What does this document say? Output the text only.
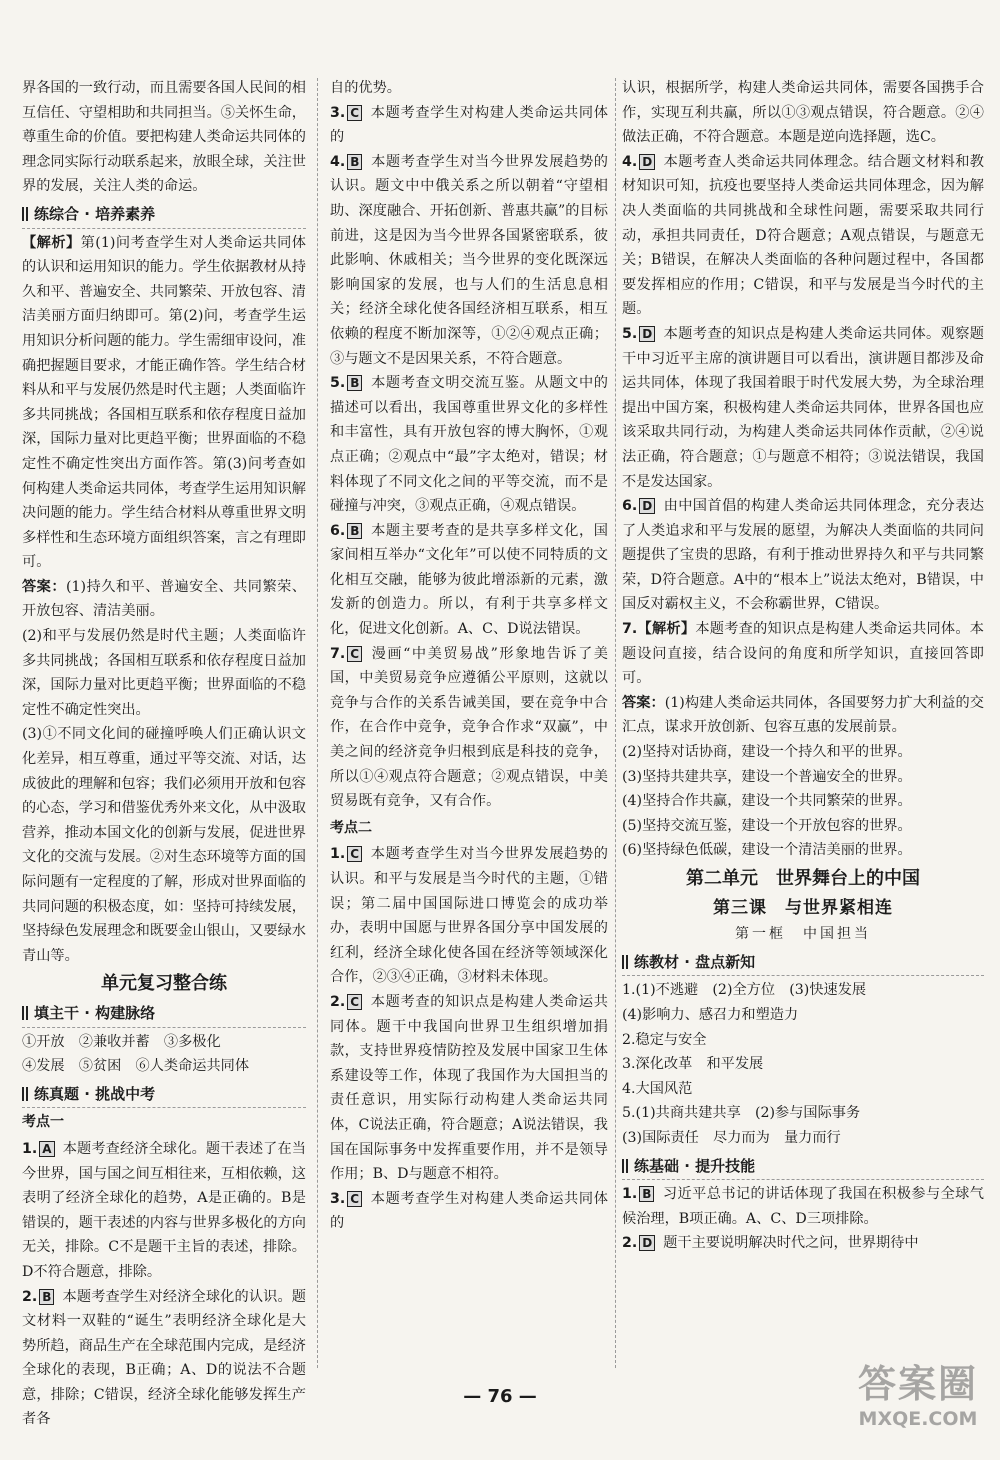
界各国的一致行动，而且需要各国人民间的相互信任、守望相助和共同担当。⑤关怀生命，尊重生命的价值。要把构建人类命运共同体的理念同实际行动联系起来，放眼全球，关注世界的发展，关注人类的命运。

练综合 · 培养素养

【解析】第(1)问考查学生对人类命运共同体的认识和运用知识的能力。学生依据教材从持久和平、普遍安全、共同繁荣、开放包容、清洁美丽方面归纳即可。第(2)问，考查学生运用知识分析问题的能力。学生需细审设问，准确把握题目要求，才能正确作答。学生结合材料从和平与发展仍然是时代主题；人类面临许多共同挑战；各国相互联系和依存程度日益加深，国际力量对比更趋平衡；世界面临的不稳定性不确定性突出方面作答。第(3)问考查如何构建人类命运共同体，考查学生运用知识解决问题的能力。学生结合材料从尊重世界文明多样性和生态环境方面组织答案，言之有理即可。

答案：(1)持久和平、普遍安全、共同繁荣、开放包容、清洁美丽。

(2)和平与发展仍然是时代主题；人类面临许多共同挑战；各国相互联系和依存程度日益加深，国际力量对比更趋平衡；世界面临的不稳定性不确定性突出。

(3)①不同文化间的碰撞呼唤人们正确认识文化差异，相互尊重，通过平等交流、对话，达成彼此的理解和包容；我们必须用开放和包容的心态，学习和借鉴优秀外来文化，从中汲取营养，推动本国文化的创新与发展，促进世界文化的交流与发展。②对生态环境等方面的国际问题有一定程度的了解，形成对世界面临的共同问题的积极态度，如：坚持可持续发展，坚持绿色发展理念和既要金山银山，又要绿水青山等。

单元复习整合练
填主干 · 构建脉络

①开放　②兼收并蓄　③多极化

④发展　⑤贫困　⑥人类命运共同体

练真题 · 挑战中考
考点一

1. A 本题考查经济全球化。题干表述了在当今世界，国与国之间互相往来，互相依赖，这表明了经济全球化的趋势，A是正确的。B是错误的，题干表述的内容与世界多极化的方向无关，排除。C不是题干主旨的表述，排除。D不符合题意，排除。

2. B 本题考查学生对经济全球化的认识。题文材料一双鞋的“诞生”表明经济全球化是大势所趋，商品生产在全球范围内完成，是经济全球化的表现，B正确；A、D的说法不合题意，排除；C错误，经济全球化能够发挥生产者各

自的优势。

3. C 本题考查学生对构建人类命运共同体的

4. B 本题考查学生对当今世界发展趋势的认识。题文中中俄关系之所以朝着“守望相助、深度融合、开拓创新、普惠共赢”的目标前进，这是因为当今世界各国紧密联系，彼此影响、休戚相关；当今世界的变化既深远影响国家的发展，也与人们的生活息息相关；经济全球化使各国经济相互联系，相互依赖的程度不断加深等，①②④观点正确；③与题文不是因果关系，不符合题意。

5. B 本题考查文明交流互鉴。从题文中的描述可以看出，我国尊重世界文化的多样性和丰富性，具有开放包容的博大胸怀，①观点正确；②观点中“最”字太绝对，错误；材料体现了不同文化之间的平等交流，而不是碰撞与冲突，③观点正确，④观点错误。

6. B 本题主要考查的是共享多样文化，国家间相互举办“文化年”可以使不同特质的文化相互交融，能够为彼此增添新的元素，激发新的创造力。所以，有利于共享多样文化，促进文化创新。A、C、D说法错误。

7. C 漫画“中美贸易战”形象地告诉了美国，中美贸易竞争应遵循公平原则，这就以竞争与合作的关系告诫美国，要在竞争中合作，在合作中竞争，竞争合作求“双赢”，中美之间的经济竞争归根到底是科技的竞争，所以①④观点符合题意；②观点错误，中美贸易既有竞争，又有合作。

考点二

1. C 本题考查学生对当今世界发展趋势的认识。和平与发展是当今时代的主题，①错误；第二届中国国际进口博览会的成功举办，表明中国愿与世界各国分享中国发展的红利，经济全球化使各国在经济等领域深化合作，②③④正确，③材料未体现。

2. C 本题考查的知识点是构建人类命运共同体。题干中我国向世界卫生组织增加捐款，支持世界疫情防控及发展中国家卫生体系建设等工作，体现了我国作为大国担当的责任意识，用实际行动构建人类命运共同体，C说法正确，符合题意；A说法错误，我国在国际事务中发挥重要作用，并不是领导作用；B、D与题意不相符。

3. C 本题考查学生对构建人类命运共同体的

认识，根据所学，构建人类命运共同体，需要各国携手合作，实现互利共赢，所以①③观点错误，符合题意。②④做法正确，不符合题意。本题是逆向选择题，选C。

4. D 本题考查人类命运共同体理念。结合题文材料和教材知识可知，抗疫也要坚持人类命运共同体理念，因为解决人类面临的共同挑战和全球性问题，需要采取共同行动，承担共同责任，D符合题意；A观点错误，与题意无关；B错误，在解决人类面临的各种问题过程中，各国都要发挥相应的作用；C错误，和平与发展是当今时代的主题。

5. D 本题考查的知识点是构建人类命运共同体。观察题干中习近平主席的演讲题目可以看出，演讲题目都涉及命运共同体，体现了我国着眼于时代发展大势，为全球治理提出中国方案，积极构建人类命运共同体，世界各国也应该采取共同行动，为构建人类命运共同体作贡献，②④说法正确，符合题意；①与题意不相符；③说法错误，我国不是发达国家。

6. D 由中国首倡的构建人类命运共同体理念，充分表达了人类追求和平与发展的愿望，为解决人类面临的共同问题提供了宝贵的思路，有利于推动世界持久和平与共同繁荣，D符合题意。A中的“根本上”说法太绝对，B错误，中国反对霸权主义，不会称霸世界，C错误。

7.【解析】本题考查的知识点是构建人类命运共同体。本题设问直接，结合设问的角度和所学知识，直接回答即可。

答案：(1)构建人类命运共同体，各国要努力扩大利益的交汇点，谋求开放创新、包容互惠的发展前景。

(2)坚持对话协商，建设一个持久和平的世界。

(3)坚持共建共享，建设一个普遍安全的世界。

(4)坚持合作共赢，建设一个共同繁荣的世界。

(5)坚持交流互鉴，建设一个开放包容的世界。

(6)坚持绿色低碳，建设一个清洁美丽的世界。

第二单元　世界舞台上的中国
第三课　与世界紧相连
第一框　中国担当
练教材 · 盘点新知

1.(1)不逃避　(2)全方位　(3)快速发展

(4)影响力、感召力和塑造力

2.稳定与安全

3.深化改革　和平发展

4.大国风范

5.(1)共商共建共享　(2)参与国际事务

(3)国际责任　尽力而为　量力而行

练基础 · 提升技能

1. B 习近平总书记的讲话体现了我国在积极参与全球气候治理，B项正确。A、C、D三项排除。

2. D 题干主要说明解决时代之问，世界期待中

— 76 —	答案圈
MXQE.COM
